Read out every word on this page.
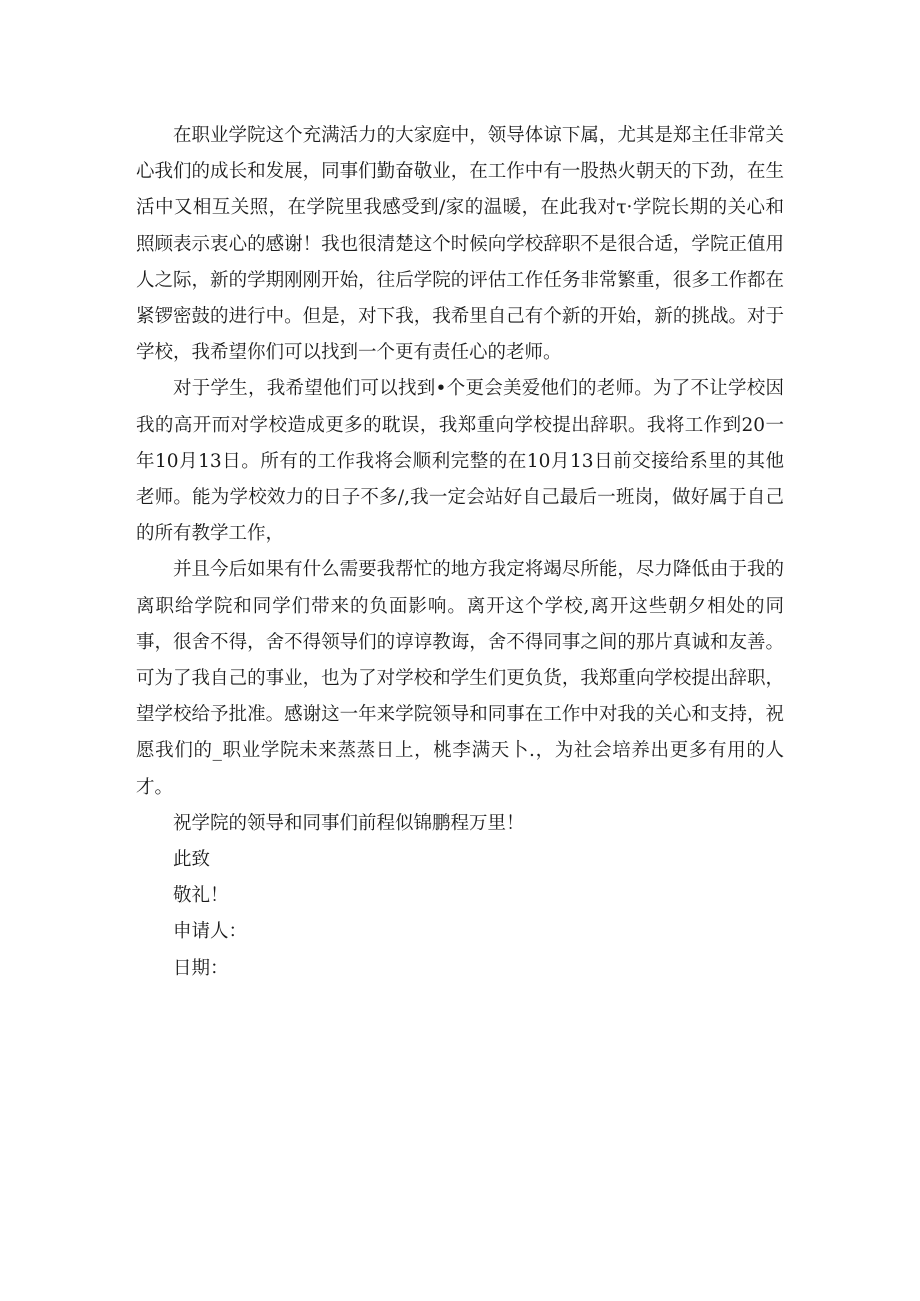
在职业学院这个充满活力的大家庭中，领导体谅下属，尤其是郑主任非常关心我们的成长和发展，同事们勤奋敬业，在工作中有一股热火朝天的下劲，在生活中又相互关照，在学院里我感受到/家的温暖，在此我对τ·学院长期的关心和照顾表示衷心的感谢！我也很清楚这个时候向学校辞职不是很合适，学院正值用人之际，新的学期刚刚开始，往后学院的评估工作任务非常繁重，很多工作都在紧锣密鼓的进行中。但是，对下我，我希里自己有个新的开始，新的挑战。对于学校，我希望你们可以找到一个更有责任心的老师。

对于学生，我希望他们可以找到•个更会美爱他们的老师。为了不让学校因我的高开而对学校造成更多的耽误，我郑重向学校提出辞职。我将工作到20一年10月13日。所有的工作我将会顺利完整的在10月13日前交接给系里的其他老师。能为学校效力的日子不多/,我一定会站好自己最后一班岗，做好属于自己的所有教学工作，

并且今后如果有什么需要我帮忙的地方我定将竭尽所能，尽力降低由于我的离职给学院和同学们带来的负面影响。离开这个学校,离开这些朝夕相处的同事，很舍不得，舍不得领导们的谆谆教诲，舍不得同事之间的那片真诚和友善。可为了我自己的事业，也为了对学校和学生们更负货，我郑重向学校提出辞职，望学校给予批准。感谢这一年来学院领导和同事在工作中对我的关心和支持，祝愿我们的_职业学院未来蒸蒸日上，桃李满天卜.，为社会培养出更多有用的人才。

祝学院的领导和同事们前程似锦鹏程万里！

此致

敬礼！

申请人：

日期：
